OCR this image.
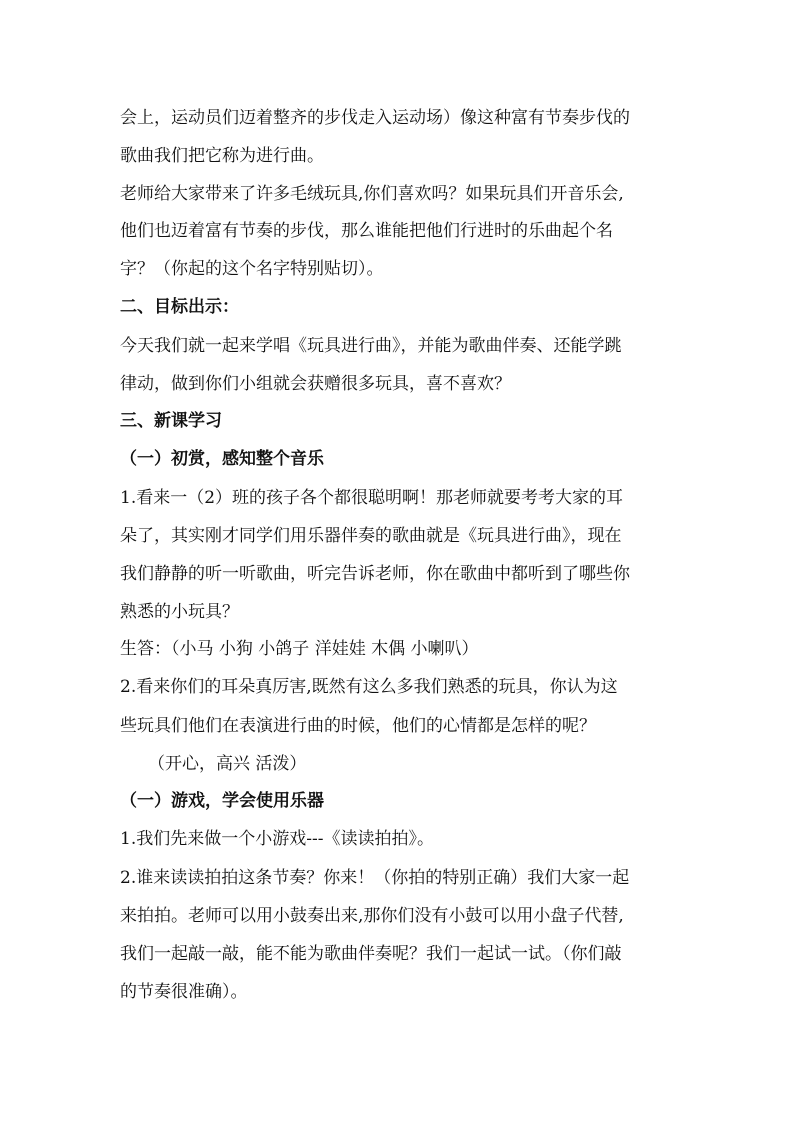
会上，运动员们迈着整齐的步伐走入运动场）像这种富有节奏步伐的
歌曲我们把它称为进行曲。
老师给大家带来了许多毛绒玩具,你们喜欢吗？如果玩具们开音乐会,
他们也迈着富有节奏的步伐，那么谁能把他们行进时的乐曲起个名
字？（你起的这个名字特别贴切）。
二、目标出示：
今天我们就一起来学唱《玩具进行曲》，并能为歌曲伴奏、还能学跳
律动，做到你们小组就会获赠很多玩具，喜不喜欢？
三、新课学习
（一）初赏，感知整个音乐
1.看来一（2）班的孩子各个都很聪明啊！那老师就要考考大家的耳
朵了，其实刚才同学们用乐器伴奏的歌曲就是《玩具进行曲》，现在
我们静静的听一听歌曲，听完告诉老师，你在歌曲中都听到了哪些你
熟悉的小玩具？
生答：（小马 小狗 小鸽子 洋娃娃 木偶 小喇叭）
2.看来你们的耳朵真厉害,既然有这么多我们熟悉的玩具，你认为这
些玩具们他们在表演进行曲的时候，他们的心情都是怎样的呢？
（开心，高兴 活泼）
（一）游戏，学会使用乐器
1.我们先来做一个小游戏---《读读拍拍》。
2.谁来读读拍拍这条节奏？你来！（你拍的特别正确）我们大家一起
来拍拍。老师可以用小鼓奏出来,那你们没有小鼓可以用小盘子代替,
我们一起敲一敲，能不能为歌曲伴奏呢？我们一起试一试。（你们敲
的节奏很准确）。
